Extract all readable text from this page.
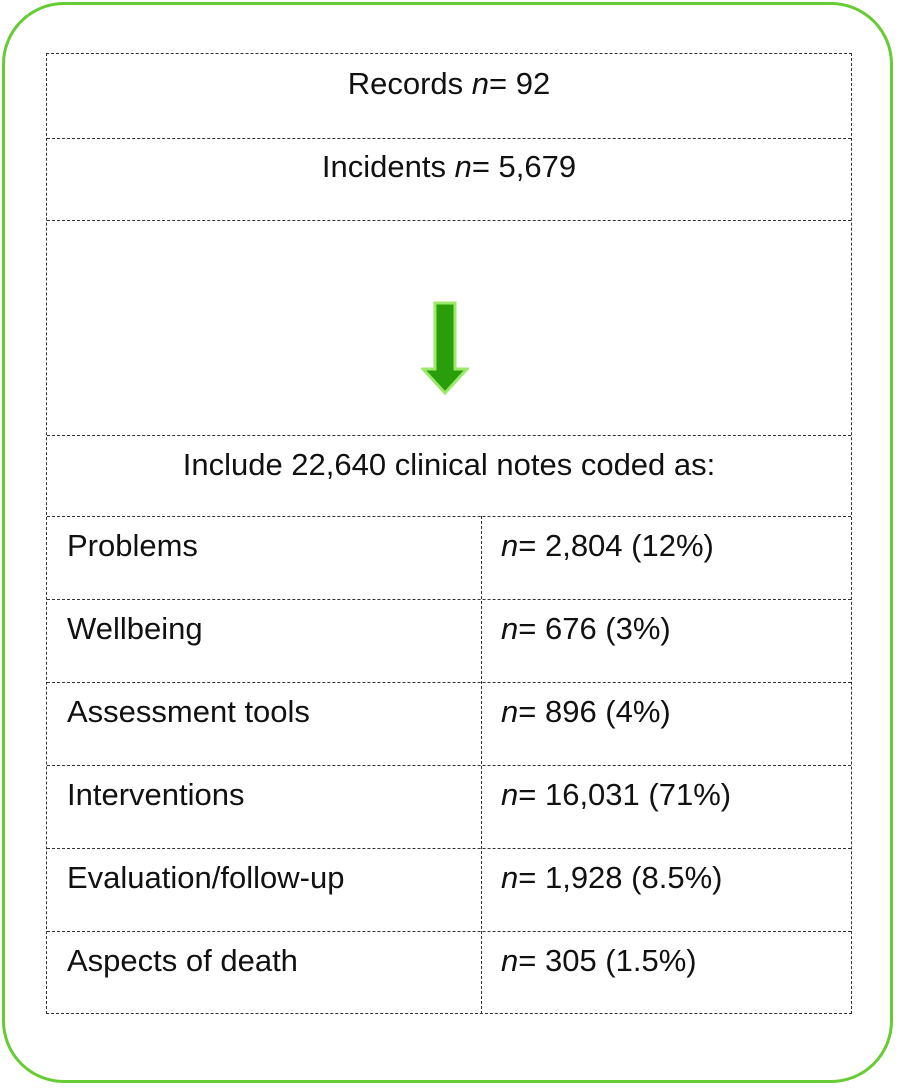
Records n= 92
Incidents n= 5,679
Include 22,640 clinical notes coded as:
Problems	n= 2,804 (12%)
Wellbeing	n= 676 (3%)
Assessment tools	n= 896 (4%)
Interventions	n= 16,031 (71%)
Evaluation/follow-up	n= 1,928 (8.5%)
Aspects of death	n= 305 (1.5%)
